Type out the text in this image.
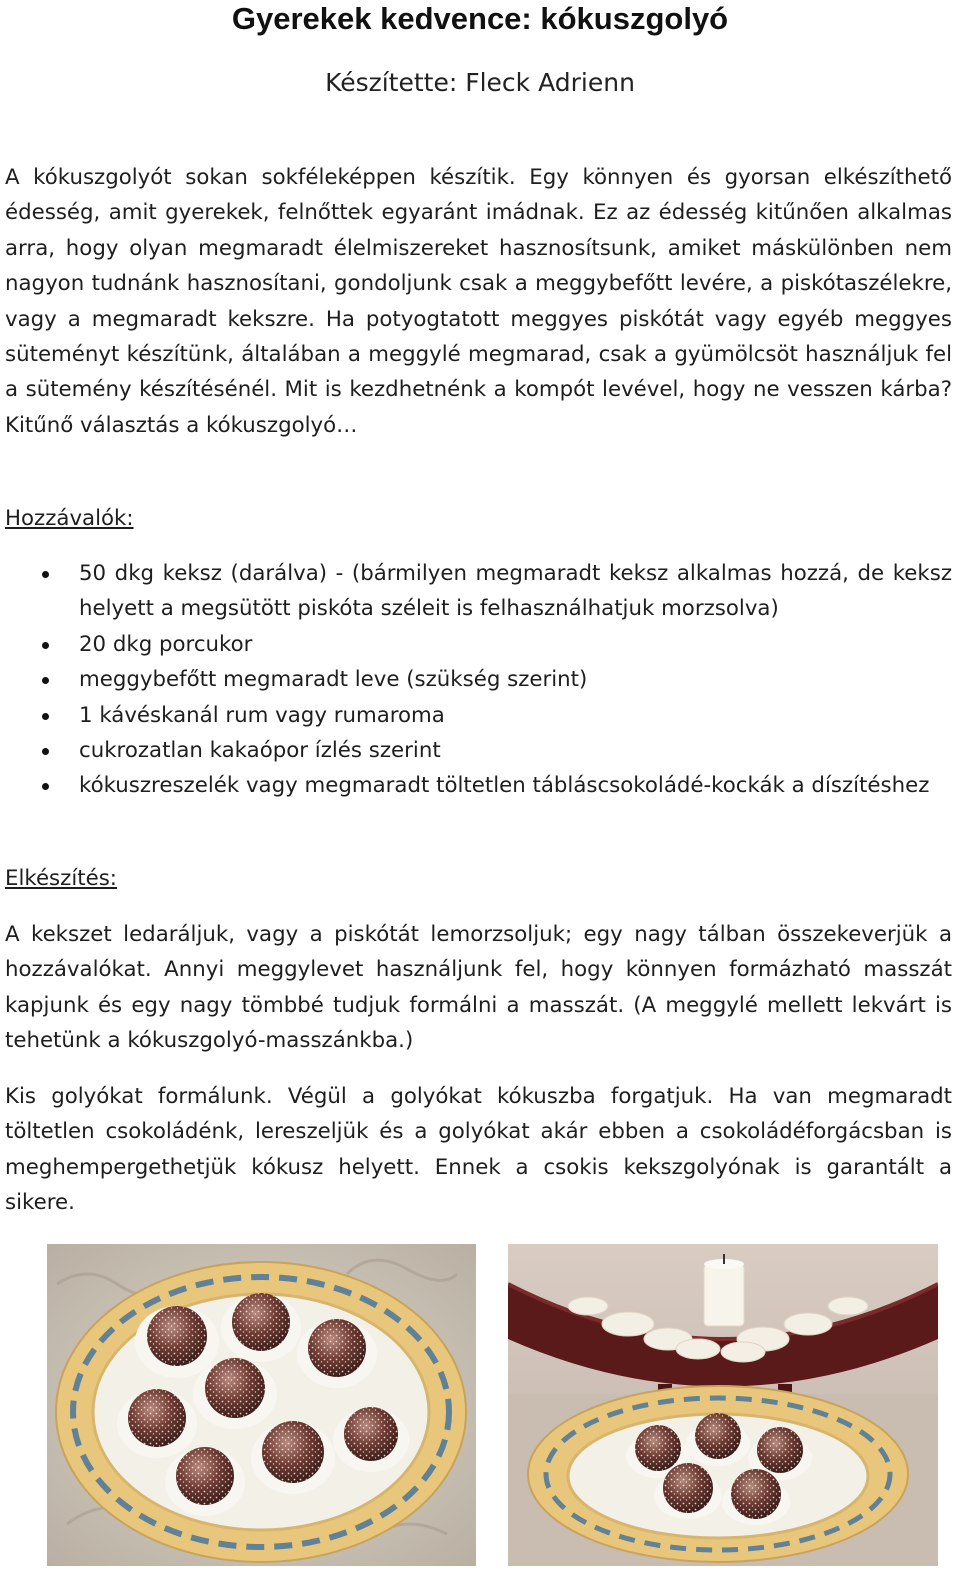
Gyerekek kedvence: kókuszgolyó
Készítette: Fleck Adrienn

A kókuszgolyót sokan sokféleképpen készítik. Egy könnyen és gyorsan elkészíthető édesség, amit gyerekek, felnőttek egyaránt imádnak. Ez az édesség kitűnően alkalmas arra, hogy olyan megmaradt élelmiszereket hasznosítsunk, amiket máskülönben nem nagyon tudnánk hasznosítani, gondoljunk csak a meggybefőtt levére, a piskótaszélekre, vagy a megmaradt kekszre. Ha potyogtatott meggyes piskótát vagy egyéb meggyes süteményt készítünk, általában a meggylé megmarad, csak a gyümölcsöt használjuk fel a sütemény készítésénél. Mit is kezdhetnénk a kompót levével, hogy ne vesszen kárba? Kitűnő választás a kókuszgolyó…

Hozzávalók:
50 dkg keksz (darálva) - (bármilyen megmaradt keksz alkalmas hozzá, de keksz helyett a megsütött piskóta széleit is felhasználhatjuk morzsolva)
20 dkg porcukor
meggybefőtt megmaradt leve (szükség szerint)
1 kávéskanál rum vagy rumaroma
cukrozatlan kakaópor ízlés szerint
kókuszreszelék vagy megmaradt töltetlen tábláscsokoládé-kockák a díszítéshez
Elkészítés:

A kekszet ledaráljuk, vagy a piskótát lemorzsoljuk; egy nagy tálban összekeverjük a hozzávalókat. Annyi meggylevet használjunk fel, hogy könnyen formázható masszát kapjunk és egy nagy tömbbé tudjuk formálni a masszát. (A meggylé mellett lekvárt is tehetünk a kókuszgolyó-masszánkba.)

Kis golyókat formálunk. Végül a golyókat kókuszba forgatjuk. Ha van megmaradt töltetlen csokoládénk, lereszeljük és a golyókat akár ebben a csokoládéforgácsban is meghempergethetjük kókusz helyett. Ennek a csokis kekszgolyónak is garantált a sikere.
